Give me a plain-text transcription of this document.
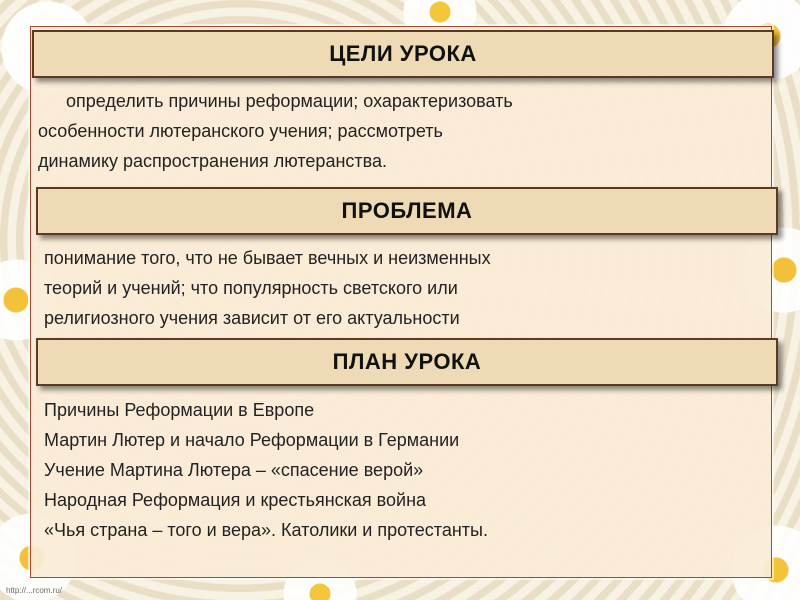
ЦЕЛИ УРОКА
определить причины реформации; охарактеризовать
особенности лютеранского учения; рассмотреть
динамику распространения лютеранства.
ПРОБЛЕМА
понимание того, что не бывает вечных и неизменных
теорий и учений; что популярность светского или
религиозного учения зависит от его актуальности
ПЛАН УРОКА
Причины Реформации в Европе
Мартин Лютер и начало Реформации в Германии
Учение Мартина Лютера – «спасение верой»
Народная Реформация и крестьянская война
«Чья страна – того и вера». Католики и протестанты.
http://...rcom.ru/
